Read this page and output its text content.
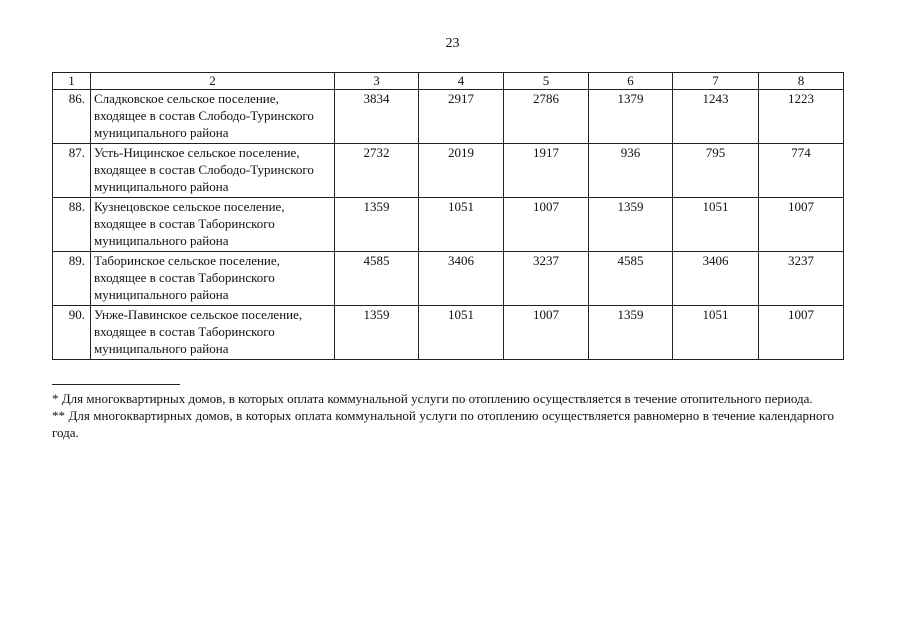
23
1	2	3	4	5	6	7	8
86.	Сладковское сельское поселение, входящее в состав Слободо-Туринского муниципального района	3834	2917	2786	1379	1243	1223
87.	Усть-Ницинское сельское поселение, входящее в состав Слободо-Туринского муниципального района	2732	2019	1917	936	795	774
88.	Кузнецовское сельское поселение, входящее в состав Таборинского муниципального района	1359	1051	1007	1359	1051	1007
89.	Таборинское сельское поселение, входящее в состав Таборинского муниципального района	4585	3406	3237	4585	3406	3237
90.	Унже-Павинское сельское поселение, входящее в состав Таборинского муниципального района	1359	1051	1007	1359	1051	1007

* Для многоквартирных домов, в которых оплата коммунальной услуги по отоплению осуществляется в течение отопительного периода.

** Для многоквартирных домов, в которых оплата коммунальной услуги по отоплению осуществляется равномерно в течение календарного года.
